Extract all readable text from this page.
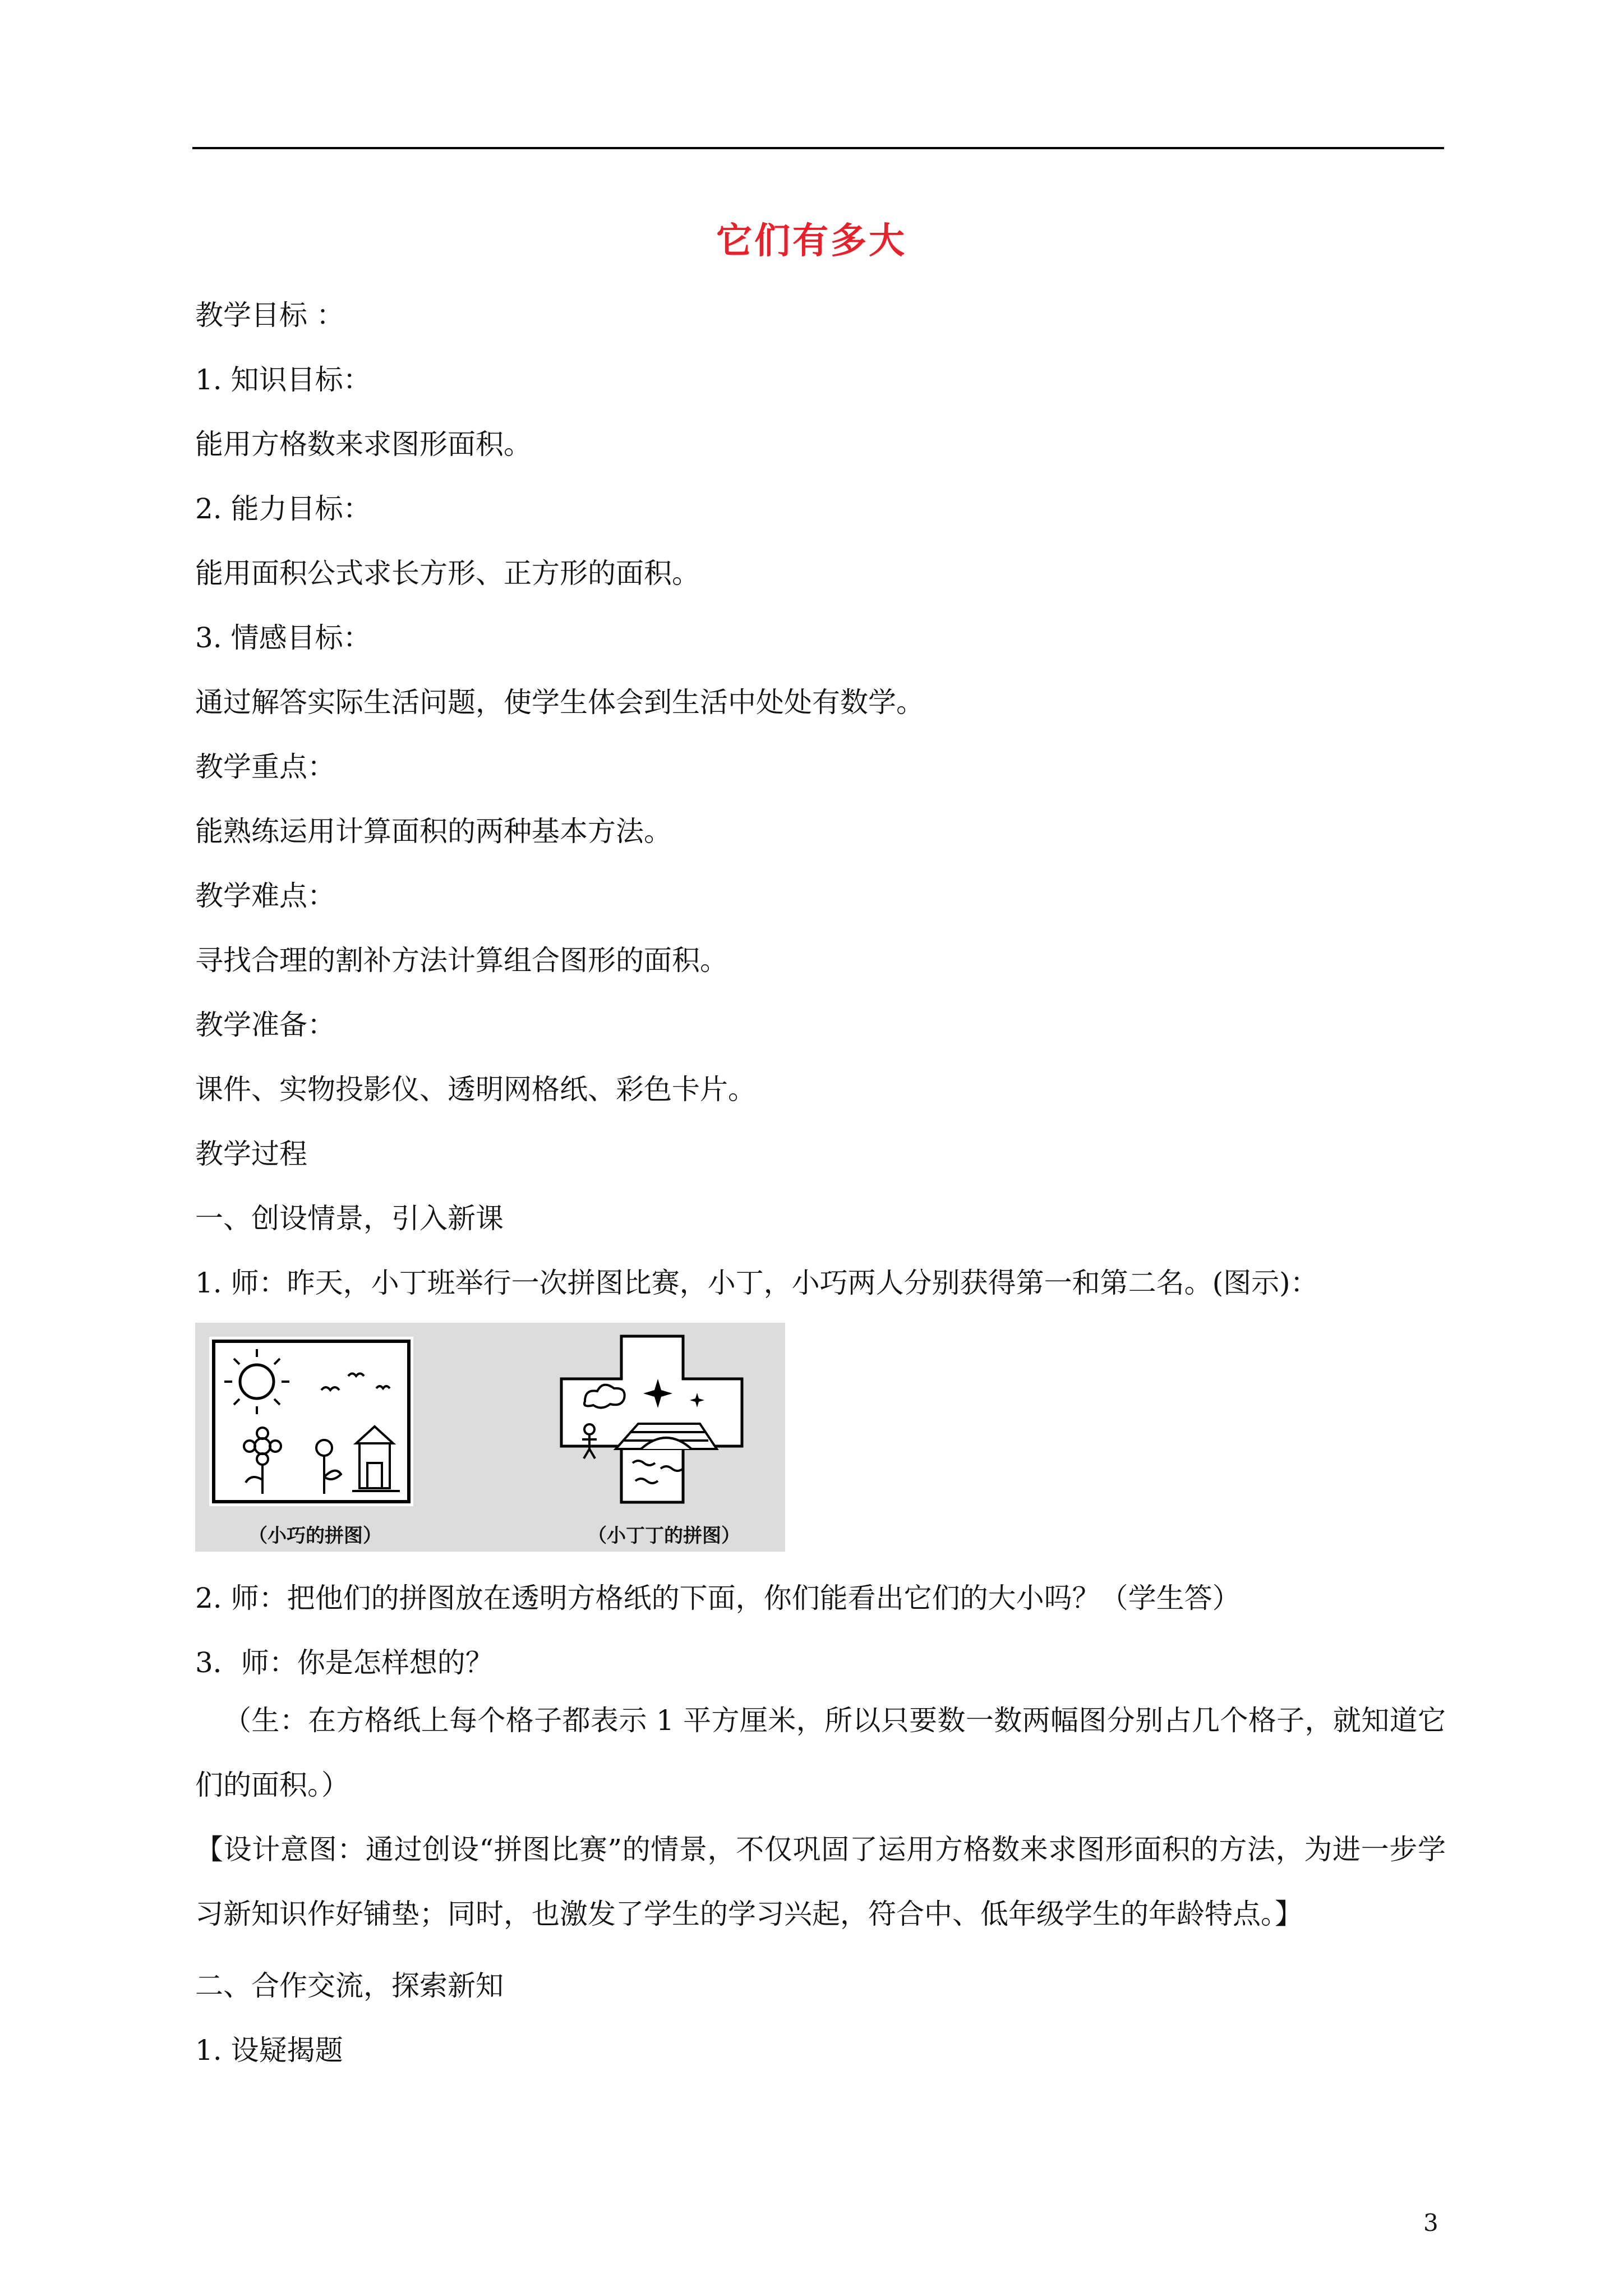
它们有多大
教学目标 ：
1. 知识目标：
能用方格数来求图形面积。
2. 能力目标：
能用面积公式求长方形、正方形的面积。
3. 情感目标：
通过解答实际生活问题，使学生体会到生活中处处有数学。
教学重点：
能熟练运用计算面积的两种基本方法。
教学难点：
寻找合理的割补方法计算组合图形的面积。
教学准备：
课件、实物投影仪、透明网格纸、彩色卡片。
教学过程
一、创设情景，引入新课
1. 师：昨天，小丁班举行一次拼图比赛，小丁，小巧两人分别获得第一和第二名。(图示)：
（小巧的拼图）	（小丁丁的拼图）
2. 师：把他们的拼图放在透明方格纸的下面，你们能看出它们的大小吗？（学生答）
3．师：你是怎样想的？
（生：在方格纸上每个格子都表示 1 平方厘米，所以只要数一数两幅图分别占几个格子，就知道它们的面积。）
【设计意图：通过创设“拼图比赛”的情景，不仅巩固了运用方格数来求图形面积的方法，为进一步学习新知识作好铺垫；同时，也激发了学生的学习兴起，符合中、低年级学生的年龄特点。】
二、合作交流，探索新知
1. 设疑揭题
3
